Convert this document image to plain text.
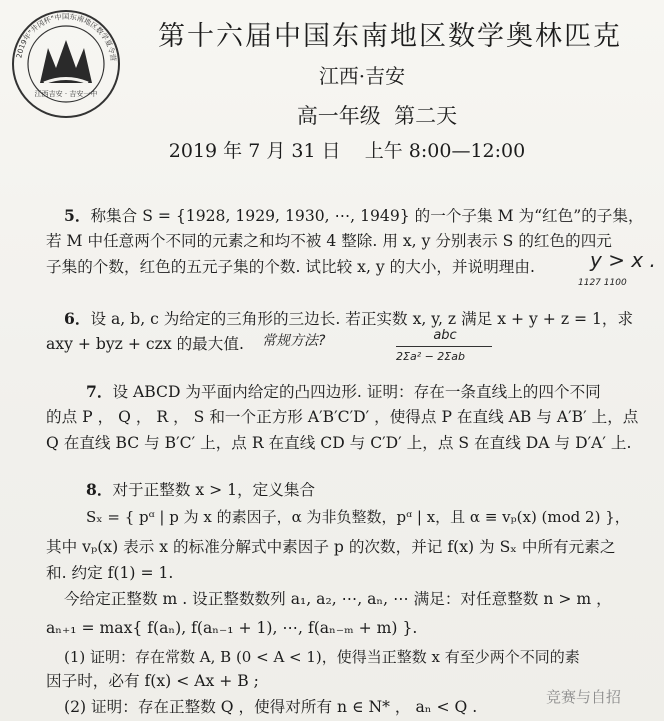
2019年"井冈杯"中国东南地区数学夏令营
江西吉安 · 吉安一中
第十六届中国东南地区数学奥林匹克
江西·吉安
高一年级  第二天
2019 年 7 月 31 日    上午 8:00—12:00
5．称集合 S = {1928, 1929, 1930, ⋯, 1949} 的一个子集 M 为“红色”的子集，
若 M 中任意两个不同的元素之和均不被 4 整除. 用 x, y 分别表示 S 的红色的四元
子集的个数，红色的五元子集的个数. 试比较 x, y 的大小，并说明理由.	y > x .
1127 1100
6．设 a, b, c 为给定的三角形的三边长. 若正实数 x, y, z 满足 x + y + z = 1，求
axy + byz + czx 的最大值. 常规方法?	abc
2Σa² − 2Σab
7．设 ABCD 为平面内给定的凸四边形. 证明：存在一条直线上的四个不同
的点 P ， Q ， R ， S 和一个正方形 A′B′C′D′ ，使得点 P 在直线 AB 与 A′B′ 上，点
Q 在直线 BC 与 B′C′ 上，点 R 在直线 CD 与 C′D′ 上，点 S 在直线 DA 与 D′A′ 上.
8．对于正整数 x > 1，定义集合
Sₓ = { pᵅ | p 为 x 的素因子，α 为非负整数，pᵅ | x，且 α ≡ vₚ(x) (mod 2) }，
其中 vₚ(x) 表示 x 的标准分解式中素因子 p 的次数，并记 f(x) 为 Sₓ 中所有元素之
和. 约定 f(1) = 1.
今给定正整数 m . 设正整数数列 a₁, a₂, ⋯, aₙ, ⋯ 满足：对任意整数 n > m ，
aₙ₊₁ = max{ f(aₙ), f(aₙ₋₁ + 1), ⋯, f(aₙ₋ₘ + m) }.
(1) 证明：存在常数 A, B (0 < A < 1)，使得当正整数 x 有至少两个不同的素
因子时，必有 f(x) < Ax + B ;
(2) 证明：存在正整数 Q ，使得对所有 n ∈ N* ， aₙ < Q .
竞赛与自招
